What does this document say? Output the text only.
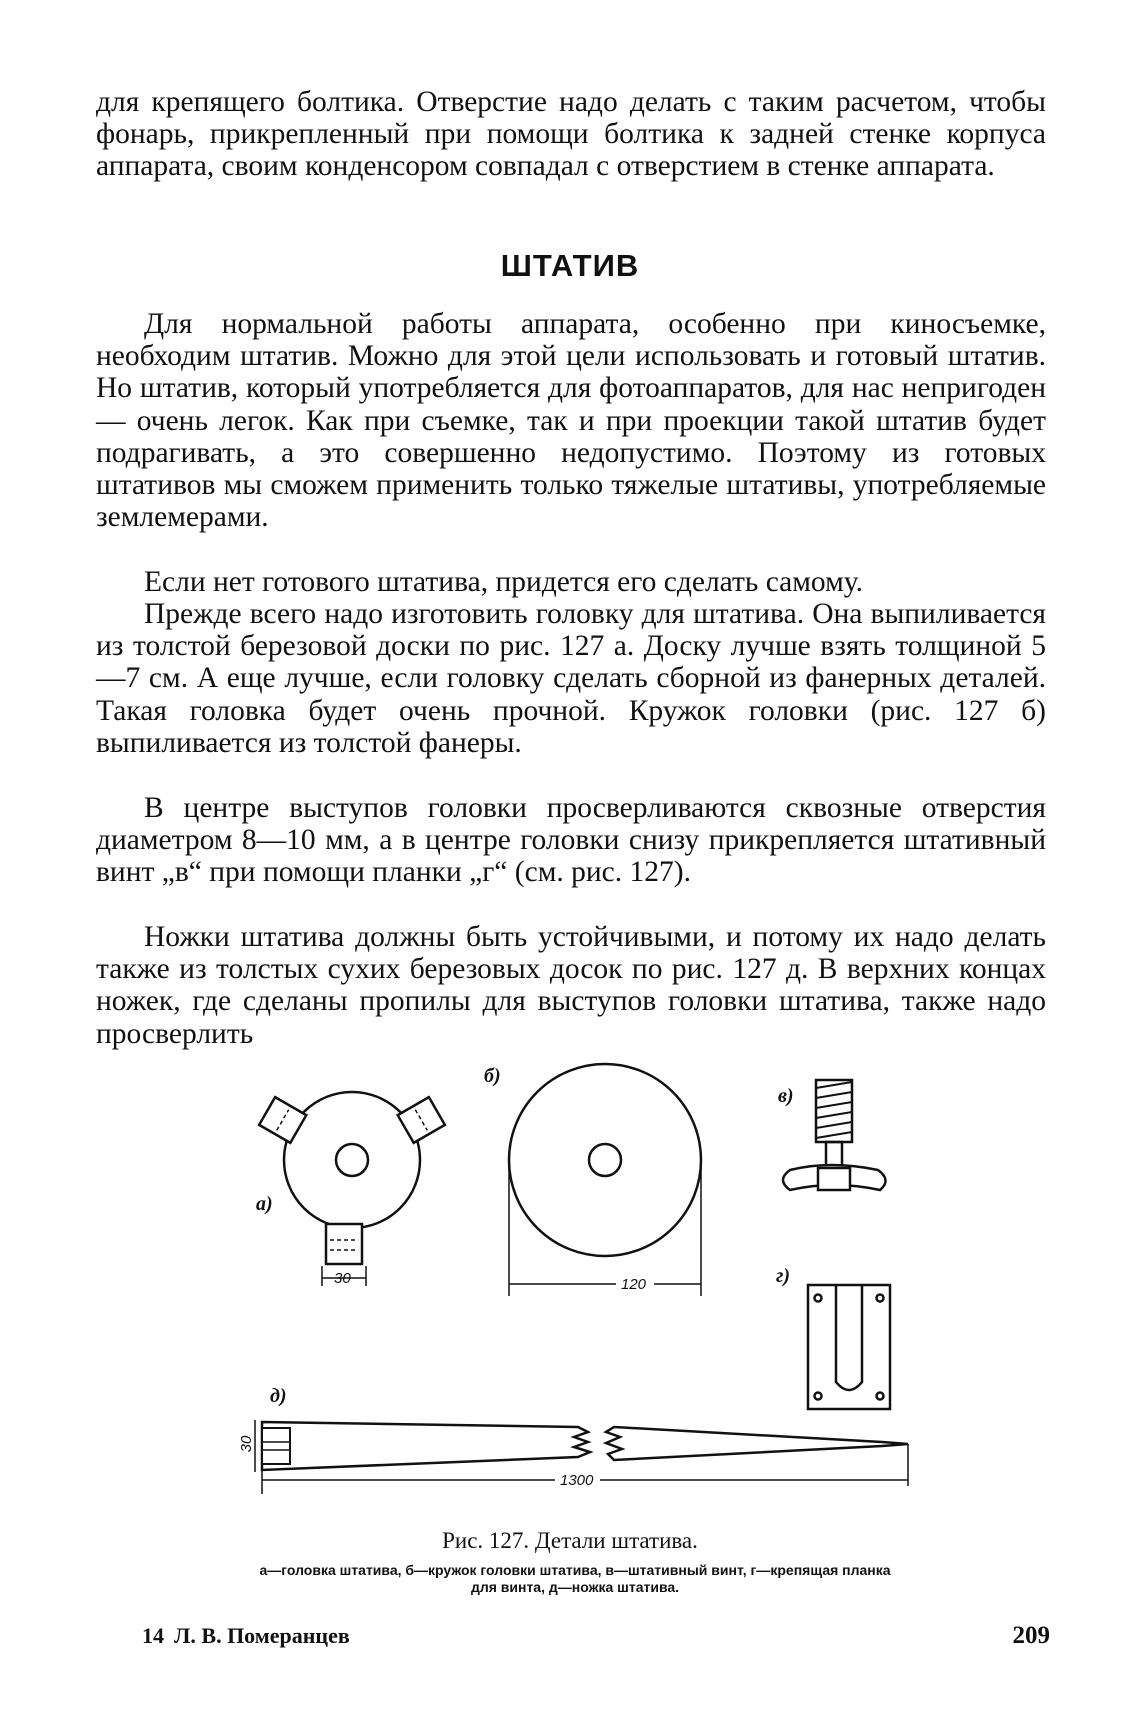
для крепящего болтика. Отверстие надо делать с таким расчетом, чтобы фонарь, прикрепленный при помощи болтика к задней стенке корпуса аппарата, своим конденсором совпадал с отверстием в стенке аппарата.

ШТАТИВ

Для нормальной работы аппарата, особенно при киносъемке, необходим штатив. Можно для этой цели использовать и готовый штатив. Но штатив, который употребляется для фотоаппаратов, для нас непригоден — очень легок. Как при съемке, так и при проекции такой штатив будет подрагивать, а это совершенно недопустимо. Поэтому из готовых штативов мы сможем применить только тяжелые штативы, употребляемые землемерами.

Если нет готового штатива, придется его сделать самому.

Прежде всего надо изготовить головку для штатива. Она выпиливается из толстой березовой доски по рис. 127 а. Доску лучше взять толщиной 5—7 см. А еще лучше, если головку сделать сборной из фанерных деталей. Такая головка будет очень прочной. Кружок головки (рис. 127 б) выпиливается из толстой фанеры.

В центре выступов головки просверливаются сквозные отверстия диаметром 8—10 мм, а в центре головки снизу прикрепляется штативный винт „в“ при помощи планки „г“ (см. рис. 127).

Ножки штатива должны быть устойчивыми, и потому их надо делать также из толстых сухих березовых досок по рис. 127 д. В верхних концах ножек, где сделаны пропилы для выступов головки штатива, также надо просверлить

а)
30
б)
120
в)
г)
д)
30
1300

Рис. 127. Детали штатива.

а—головка штатива, б—кружок головки штатива, в—штативный винт, г—крепящая планка для винта, д—ножка штатива.

14 Л. В. Померанцев	209
